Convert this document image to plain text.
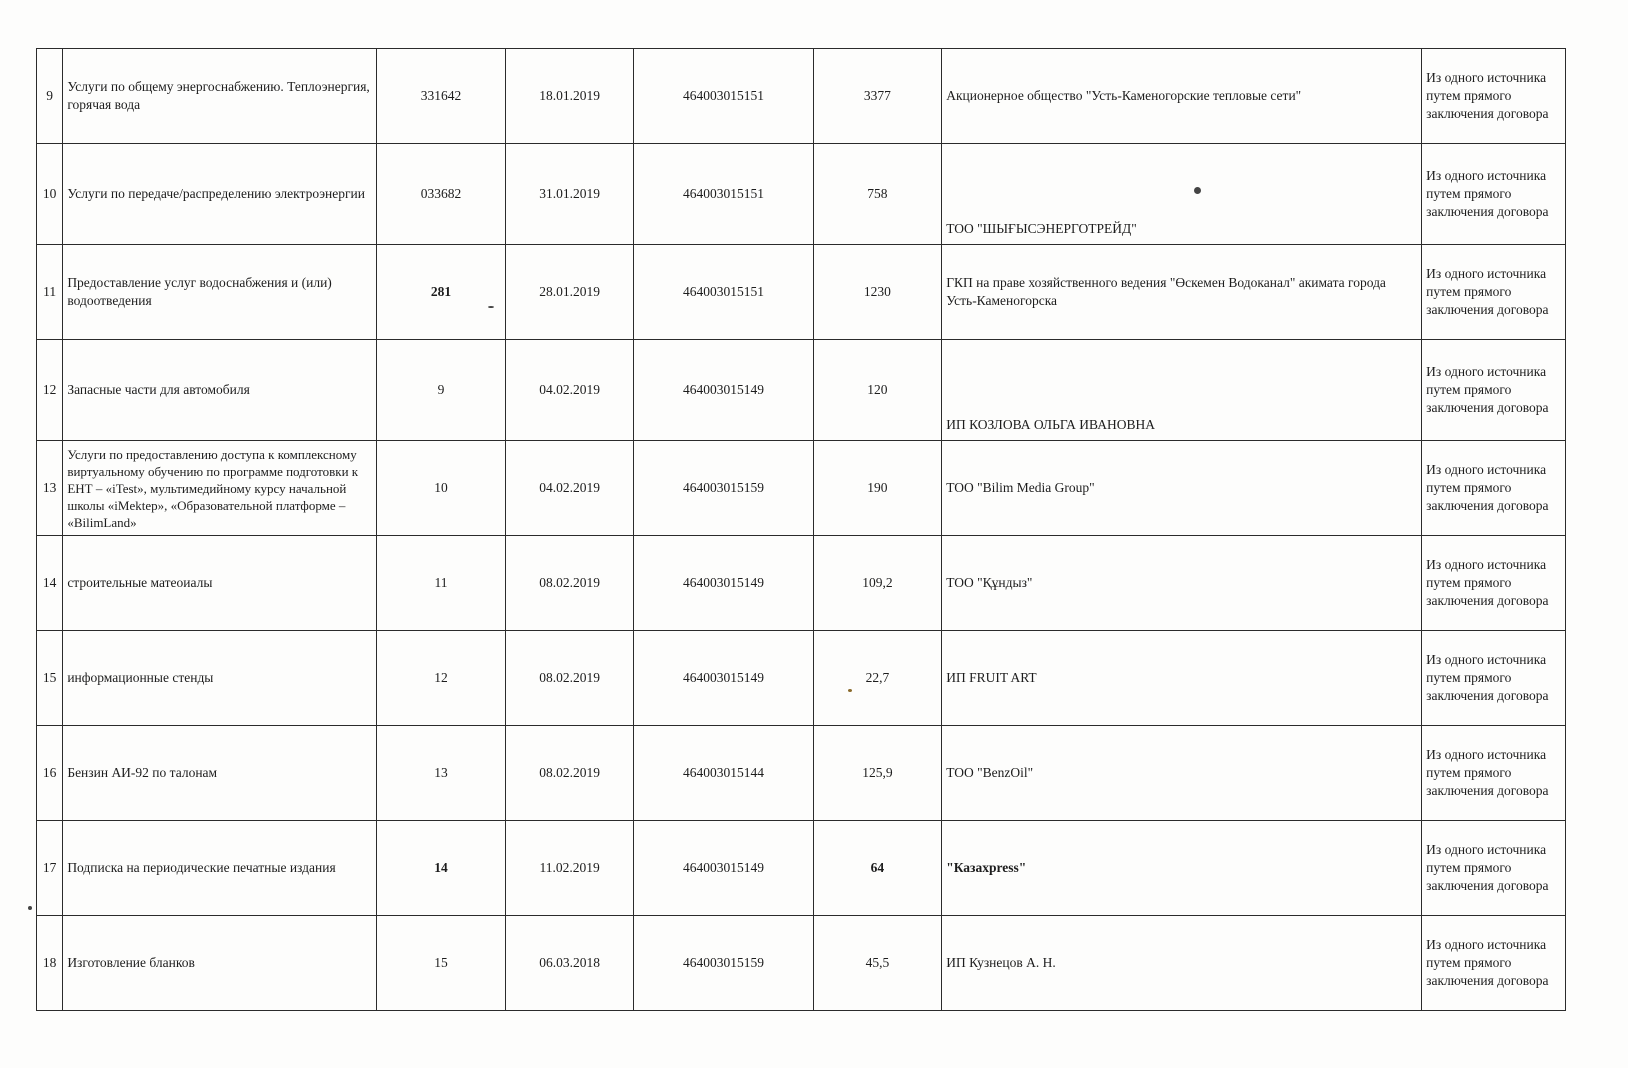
9	Услуги по общему энергоснабжению. Теплоэнергия, горячая вода	331642	18.01.2019	464003015151	3377	Акционерное общество "Усть-Каменогорские тепловые сети"	Из одного источника путем прямого заключения договора
10	Услуги по передаче/распределению электроэнергии	033682	31.01.2019	464003015151	758	ТОО "ШЫҒЫСЭНЕРГОТРЕЙД"	Из одного источника путем прямого заключения договора
11	Предоставление услуг водоснабжения и (или) водоотведения	281	28.01.2019	464003015151	1230	ГКП на праве хозяйственного ведения "Өскемен Водоканал" акимата города Усть-Каменогорска	Из одного источника путем прямого заключения договора
12	Запасные части для автомобиля	9	04.02.2019	464003015149	120	ИП КОЗЛОВА ОЛЬГА ИВАНОВНА	Из одного источника путем прямого заключения договора
13	Услуги по предоставлению доступа к комплексному виртуальному обучению по программе подготовки к ЕНТ – «iTest», мультимедийному курсу начальной школы «iMektep», «Образовательной платформе – «BilimLand»	10	04.02.2019	464003015159	190	ТОО "Bilim Media Group"	Из одного источника путем прямого заключения договора
14	строительные матеоиалы	11	08.02.2019	464003015149	109,2	ТОО "Құндыз"	Из одного источника путем прямого заключения договора
15	информационные стенды	12	08.02.2019	464003015149	22,7	ИП FRUIT ART	Из одного источника путем прямого заключения договора
16	Бензин АИ-92 по талонам	13	08.02.2019	464003015144	125,9	ТОО "BenzOil"	Из одного источника путем прямого заключения договора
17	Подписка на периодические печатные издания	14	11.02.2019	464003015149	64	"Казахpress"	Из одного источника путем прямого заключения договора
18	Изготовление бланков	15	06.03.2018	464003015159	45,5	ИП Кузнецов А. Н.	Из одного источника путем прямого заключения договора
